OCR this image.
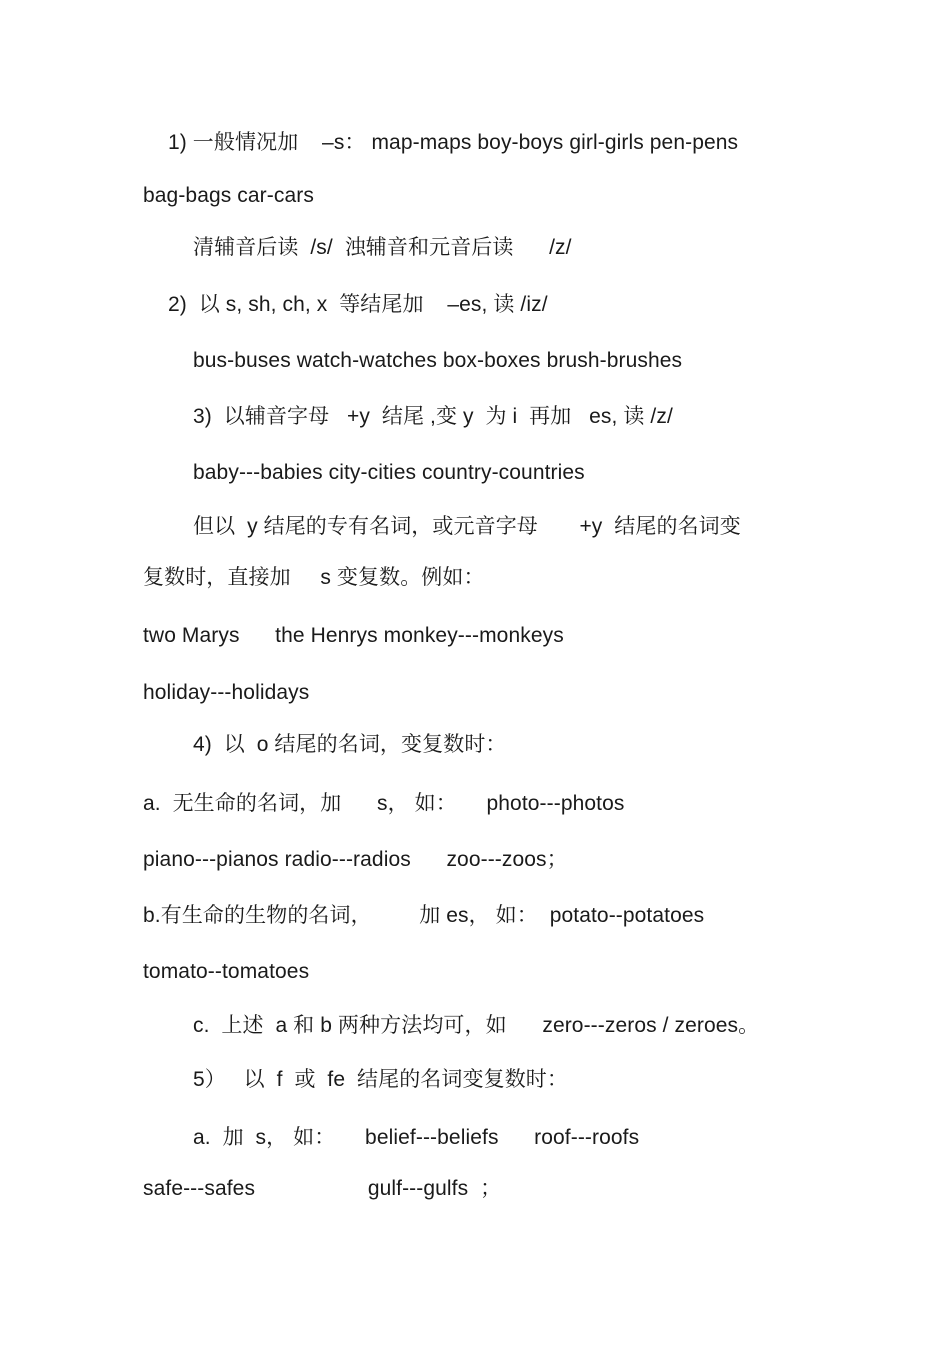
1) 一般情况加    –s： map-maps boy-boys girl-girls pen-pens

bag-bags car-cars

清辅音后读  /s/  浊辅音和元音后读      /z/

2)  以 s, sh, ch, x  等结尾加    –es, 读 /iz/

bus-buses watch-watches box-boxes brush-brushes

3)  以辅音字母   +y  结尾 ,变 y  为 i  再加   es, 读 /z/

baby---babies city-cities country-countries

但以  y 结尾的专有名词，或元音字母       +y  结尾的名词变

复数时，直接加     s 变复数。例如：

two Marys      the Henrys monkey---monkeys

holiday---holidays

4)  以  o 结尾的名词，变复数时：

a.  无生命的名词，加      s， 如：     photo---photos

piano---pianos radio---radios      zoo---zoos；

b.有生命的生物的名词，        加 es， 如：  potato--potatoes

tomato--tomatoes

c.  上述  a 和 b 两种方法均可，如      zero---zeros / zeroes。

5）   以  f  或  fe  结尾的名词变复数时：

a.  加  s， 如：     belief---beliefs      roof---roofs

safe---safes                   gulf---gulfs  ；
